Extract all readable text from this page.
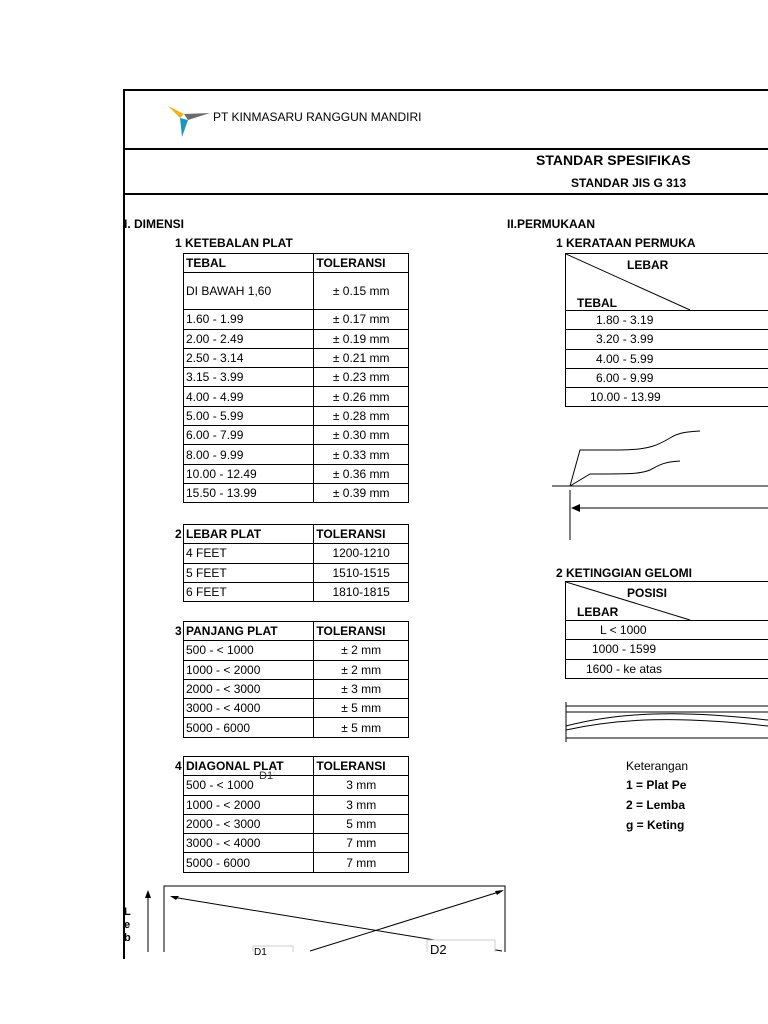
PT KINMASARU RANGGUN MANDIRI
STANDAR SPESIFIKAS
STANDAR JIS G 313
I. DIMENSI
1 KETEBALAN PLAT
TEBAL	TOLERANSI
DI BAWAH 1,60	± 0.15 mm
1.60 - 1.99	± 0.17 mm
2.00 - 2.49	± 0.19 mm
2.50 - 3.14	± 0.21 mm
3.15 - 3.99	± 0.23 mm
4.00 - 4.99	± 0.26 mm
5.00 - 5.99	± 0.28 mm
6.00 - 7.99	± 0.30 mm
8.00 - 9.99	± 0.33 mm
10.00 - 12.49	± 0.36 mm
15.50 - 13.99	± 0.39 mm
2 LEBAR PLAT	TOLERANSI
4 FEET	1200-1210
5 FEET	1510-1515
6 FEET	1810-1815
3 PANJANG PLAT	TOLERANSI
500 - < 1000	± 2 mm
1000 - < 2000	± 2 mm
2000 - < 3000	± 3 mm
3000 - < 4000	± 5 mm
5000 - 6000	± 5 mm
4 DIAGONAL PLAT	TOLERANSI
500 - < 1000	3 mm
1000 - < 2000	3 mm
2000 - < 3000	5 mm
3000 - < 4000	7 mm
5000 - 6000	7 mm
D1
L e b
D1	D2
II.PERMUKAAN
1 KERATAAN PERMUKA
LEBAR
TEBAL

1.80 - 3.19
3.20 - 3.99
4.00 - 5.99
6.00 - 9.99
10.00 - 13.99
2 KETINGGIAN GELOMI
POSISI
LEBAR

L < 1000
1000 - 1599
1600 - ke atas
Keterangan
1 = Plat Pe
2 = Lemba
g = Keting
